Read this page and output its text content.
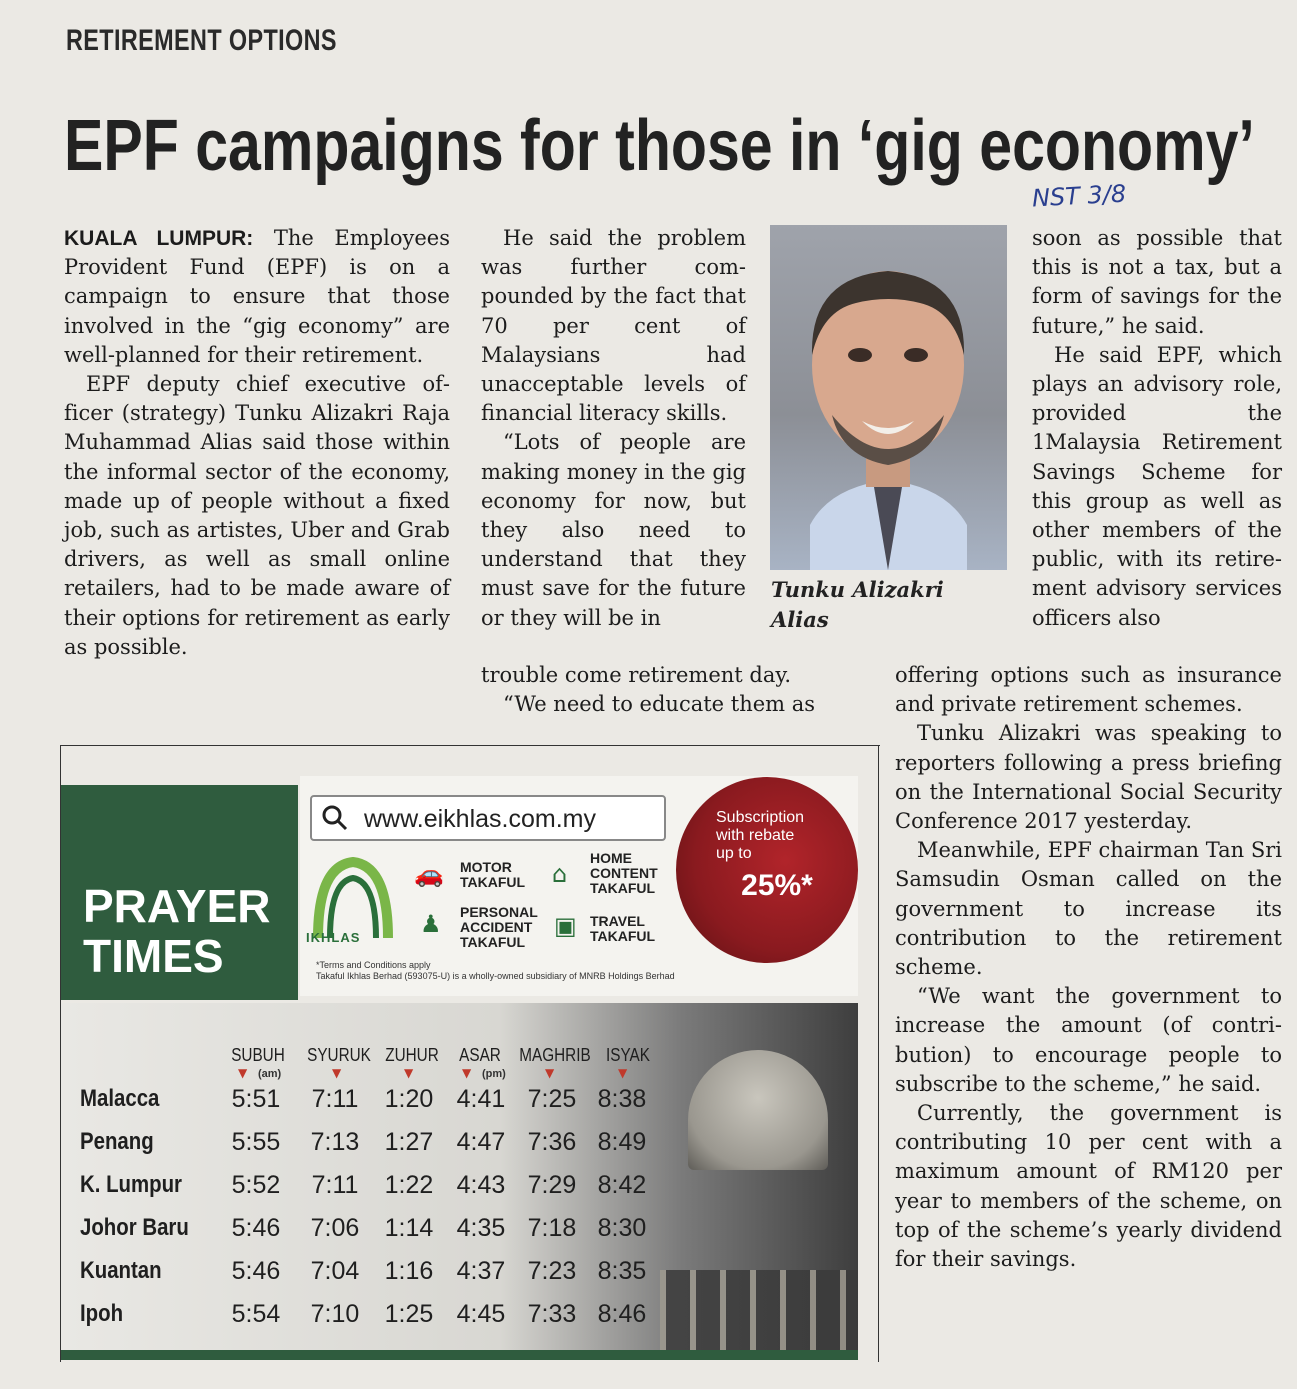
RETIREMENT OPTIONS
EPF campaigns for those in ‘gig economy’
NST 3/8

KUALA LUMPUR: The Employees Provident Fund (EPF) is on a campaign to ensure that those involved in the “gig economy” are well-planned for their retirement.

EPF deputy chief executive officer (strategy) Tunku Alizakri Raja Muhammad Alias said those within the informal sector of the economy, made up of people without a fixed job, such as artistes, Uber and Grab drivers, as well as small online retailers, had to be made aware of their options for retirement as early as possible.

He said the problem was further compounded by the fact that 70 per cent of Malaysians had unacceptable levels of financial literacy skills.

“Lots of people are making money in the gig economy for now, but they also need to understand that they must save for the future or they will be in

trouble come retirement day.

“We need to educate them as

Tunku Alizakri
Alias

soon as possible that this is not a tax, but a form of savings for the future,” he said.

He said EPF, which plays an advisory role, provided the 1Malaysia Retirement Savings Scheme for this group as well as other members of the public, with its retirement advisory services officers also

offering options such as insurance and private retirement schemes.

Tunku Alizakri was speaking to reporters following a press briefing on the International Social Security Conference 2017 yesterday.

Meanwhile, EPF chairman Tan Sri Samsudin Osman called on the government to increase its contribution to the retirement scheme.

“We want the government to increase the amount (of contribution) to encourage people to subscribe to the scheme,” he said.

Currently, the government is contributing 10 per cent with a maximum amount of RM120 per year to members of the scheme, on top of the scheme’s yearly dividend for their savings.

PRAYER
TIMES
www.eikhlas.com.my	Subscription
with rebate
up to
25%*
IKHLAS
🚗 MOTOR
TAKAFUL ⌂
HOME
CONTENT
TAKAFUL
♟ PERSONAL
ACCIDENT
TAKAFUL
▣ TRAVEL
TAKAFUL
*Terms and Conditions apply
Takaful Ikhlas Berhad (593075-U) is a wholly-owned subsidiary of MNRB Holdings Berhad
SUBUH	SYURUK ZUHUR	ASAR	MAGHRIB ISYAK
▼ (am)	▼	▼	▼ (pm)	▼	▼
Malacca	5:51	7:11	1:20 4:41 7:25 8:38
Penang	5:55	7:13	1:27 4:47 7:36 8:49
K. Lumpur	5:52	7:11	1:22 4:43 7:29 8:42
Johor Baru	5:46	7:06	1:14 4:35 7:18 8:30
Kuantan	5:46	7:04	1:16 4:37 7:23 8:35
Ipoh	5:54	7:10	1:25 4:45 7:33 8:46
